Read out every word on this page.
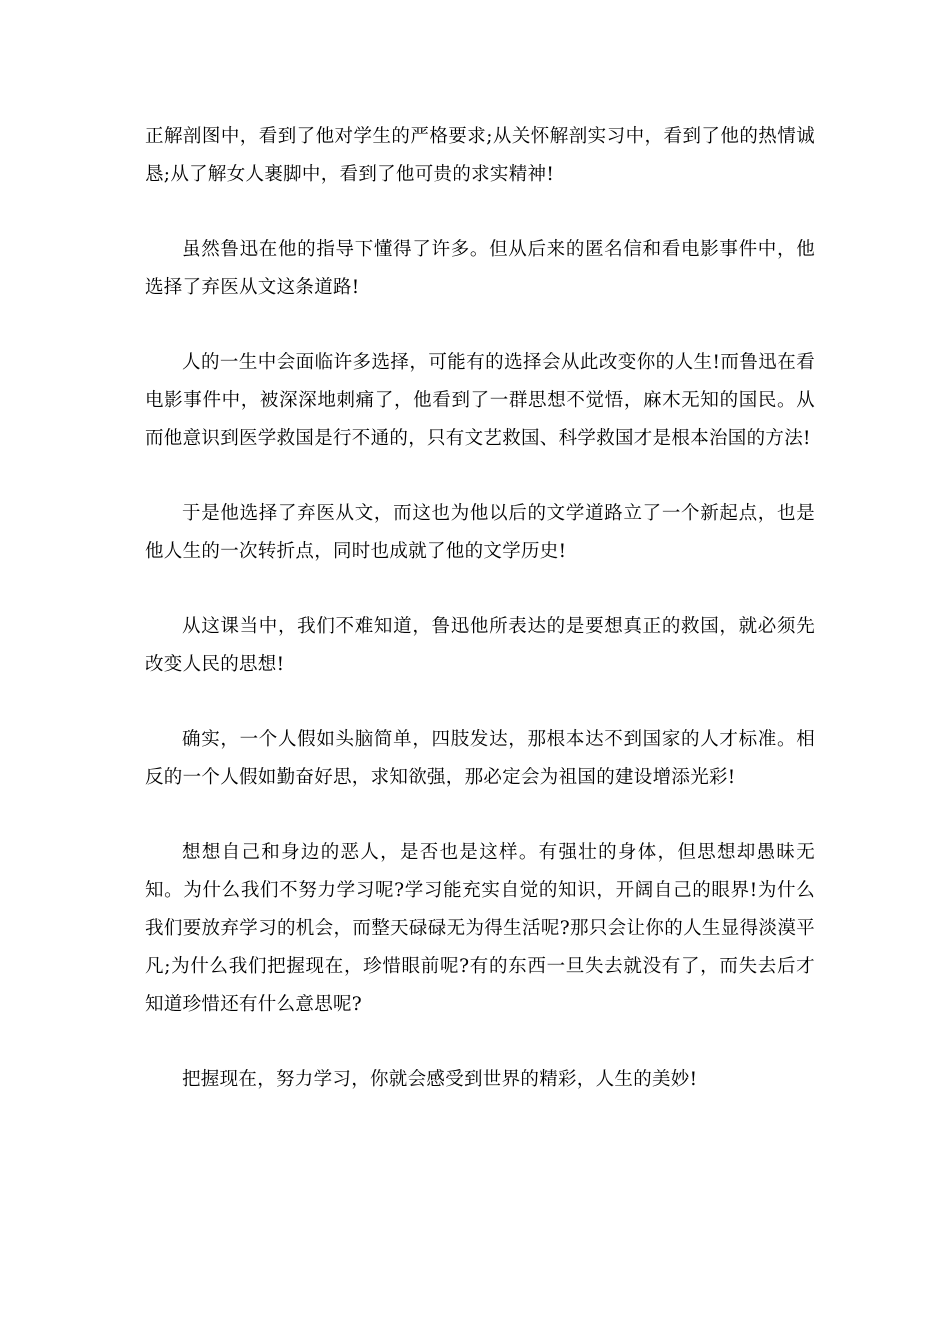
正解剖图中，看到了他对学生的严格要求;从关怀解剖实习中，看到了他的热情诚恳;从了解女人裹脚中，看到了他可贵的求实精神!

虽然鲁迅在他的指导下懂得了许多。但从后来的匿名信和看电影事件中，他选择了弃医从文这条道路!

人的一生中会面临许多选择，可能有的选择会从此改变你的人生!而鲁迅在看电影事件中，被深深地刺痛了，他看到了一群思想不觉悟，麻木无知的国民。从而他意识到医学救国是行不通的，只有文艺救国、科学救国才是根本治国的方法!

于是他选择了弃医从文，而这也为他以后的文学道路立了一个新起点，也是他人生的一次转折点，同时也成就了他的文学历史!

从这课当中，我们不难知道，鲁迅他所表达的是要想真正的救国，就必须先改变人民的思想!

确实，一个人假如头脑简单，四肢发达，那根本达不到国家的人才标准。相反的一个人假如勤奋好思，求知欲强，那必定会为祖国的建设增添光彩!

想想自己和身边的恶人，是否也是这样。有强壮的身体，但思想却愚昧无知。为什么我们不努力学习呢?学习能充实自觉的知识，开阔自己的眼界!为什么我们要放弃学习的机会，而整天碌碌无为得生活呢?那只会让你的人生显得淡漠平凡;为什么我们把握现在，珍惜眼前呢?有的东西一旦失去就没有了，而失去后才知道珍惜还有什么意思呢?

把握现在，努力学习，你就会感受到世界的精彩，人生的美妙!
